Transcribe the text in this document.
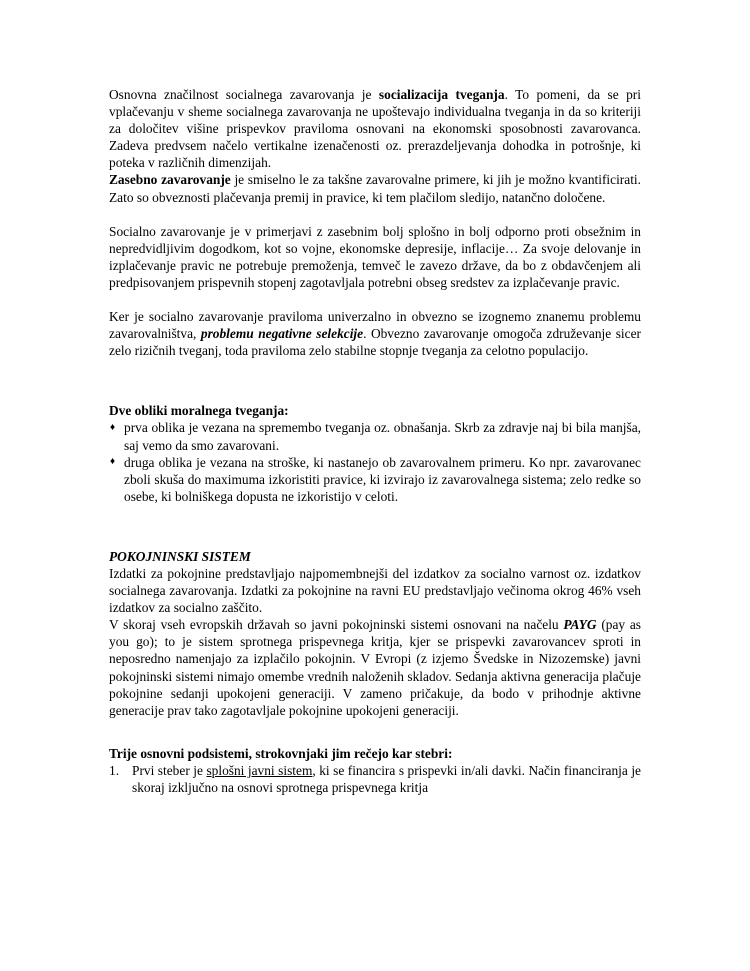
Osnovna značilnost socialnega zavarovanja je socializacija tveganja. To pomeni, da se pri vplačevanju v sheme socialnega zavarovanja ne upoštevajo individualna tveganja in da so kriteriji za določitev višine prispevkov praviloma osnovani na ekonomski sposobnosti zavarovanca. Zadeva predvsem načelo vertikalne izenačenosti oz. prerazdeljevanja dohodka in potrošnje, ki poteka v različnih dimenzijah.

Zasebno zavarovanje je smiselno le za takšne zavarovalne primere, ki jih je možno kvantificirati. Zato so obveznosti plačevanja premij in pravice, ki tem plačilom sledijo, natančno določene.

Socialno zavarovanje je v primerjavi z zasebnim bolj splošno in bolj odporno proti obsežnim in nepredvidljivim dogodkom, kot so vojne, ekonomske depresije, inflacije… Za svoje delovanje in izplačevanje pravic ne potrebuje premoženja, temveč le zavezo države, da bo z obdavčenjem ali predpisovanjem prispevnih stopenj zagotavljala potrebni obseg sredstev za izplačevanje pravic.

Ker je socialno zavarovanje praviloma univerzalno in obvezno se izognemo znanemu problemu zavarovalništva, problemu negativne selekcije. Obvezno zavarovanje omogoča združevanje sicer zelo rizičnih tveganj, toda praviloma zelo stabilne stopnje tveganja za celotno populacijo.

Dve obliki moralnega tveganja:

♦ prva oblika je vezana na spremembo tveganja oz. obnašanja. Skrb za zdravje naj bi bila manjša, saj vemo da smo zavarovani.
♦ druga oblika je vezana na stroške, ki nastanejo ob zavarovalnem primeru. Ko npr. zavarovanec zboli skuša do maximuma izkoristiti pravice, ki izvirajo iz zavarovalnega sistema; zelo redke so osebe, ki bolniškega dopusta ne izkoristijo v celoti.

POKOJNINSKI SISTEM

Izdatki za pokojnine predstavljajo najpomembnejši del izdatkov za socialno varnost oz. izdatkov socialnega zavarovanja. Izdatki za pokojnine na ravni EU predstavljajo večinoma okrog 46% vseh izdatkov za socialno zaščito.

V skoraj vseh evropskih državah so javni pokojninski sistemi osnovani na načelu PAYG (pay as you go); to je sistem sprotnega prispevnega kritja, kjer se prispevki zavarovancev sproti in neposredno namenjajo za izplačilo pokojnin. V Evropi (z izjemo Švedske in Nizozemske) javni pokojninski sistemi nimajo omembe vrednih naloženih skladov. Sedanja aktivna generacija plačuje pokojnine sedanji upokojeni generaciji. V zameno pričakuje, da bodo v prihodnje aktivne generacije prav tako zagotavljale pokojnine upokojeni generaciji.

Trije osnovni podsistemi, strokovnjaki jim rečejo kar stebri:

1. Prvi steber je splošni javni sistem, ki se financira s prispevki in/ali davki. Način financiranja je skoraj izključno na osnovi sprotnega prispevnega kritja
